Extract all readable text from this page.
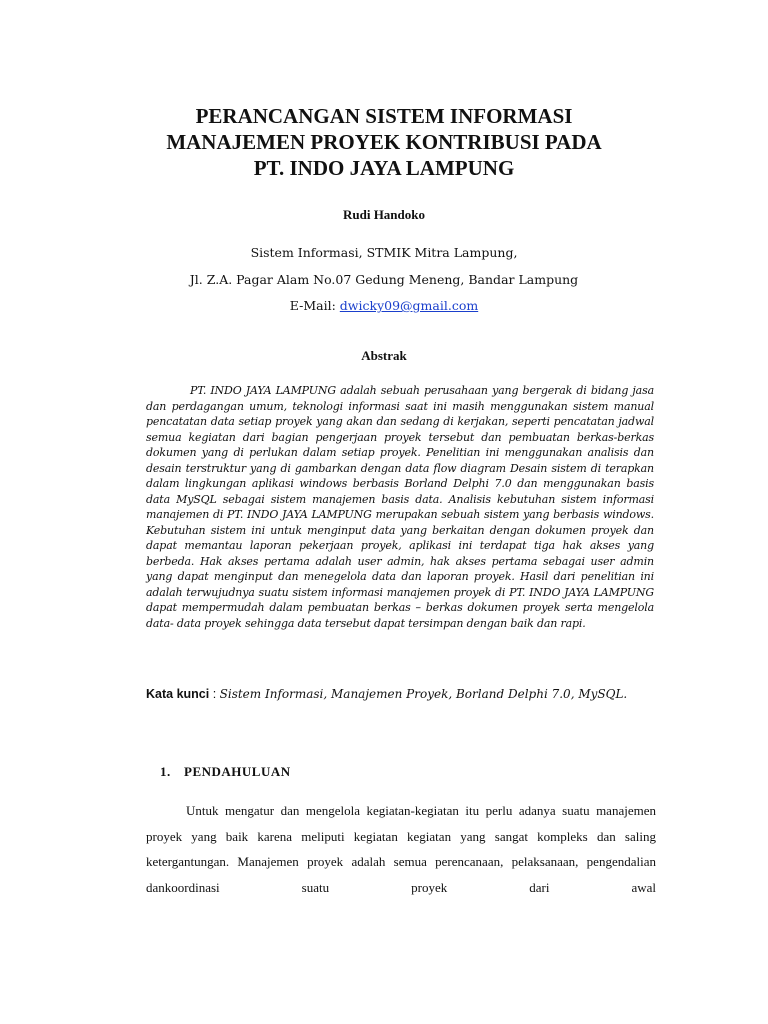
PERANCANGAN SISTEM INFORMASI
MANAJEMEN PROYEK KONTRIBUSI PADA
PT. INDO JAYA LAMPUNG

Rudi Handoko

Sistem Informasi, STMIK Mitra Lampung,

Jl. Z.A. Pagar Alam No.07 Gedung Meneng, Bandar Lampung

E-Mail: dwicky09@gmail.com

Abstrak

PT. INDO JAYA LAMPUNG adalah sebuah perusahaan yang bergerak di bidang jasa dan perdagangan umum, teknologi informasi saat ini masih menggunakan sistem manual pencatatan data setiap proyek yang akan dan sedang di kerjakan, seperti pencatatan jadwal semua kegiatan dari bagian pengerjaan proyek tersebut dan pembuatan berkas-berkas dokumen yang di perlukan dalam setiap proyek. Penelitian ini menggunakan analisis dan desain terstruktur yang di gambarkan dengan data flow diagram Desain sistem di terapkan dalam lingkungan aplikasi windows berbasis Borland Delphi 7.0 dan menggunakan basis data MySQL sebagai sistem manajemen basis data. Analisis kebutuhan sistem informasi manajemen di PT. INDO JAYA LAMPUNG merupakan sebuah sistem yang berbasis windows. Kebutuhan sistem ini untuk menginput data yang berkaitan dengan dokumen proyek dan dapat memantau laporan pekerjaan proyek, aplikasi ini terdapat tiga hak akses yang berbeda. Hak akses pertama adalah user admin, hak akses pertama sebagai user admin yang dapat menginput dan menegelola data dan laporan proyek. Hasil dari penelitian ini adalah terwujudnya suatu sistem informasi manajemen proyek di PT. INDO JAYA LAMPUNG dapat mempermudah dalam pembuatan berkas – berkas dokumen proyek serta mengelola data- data proyek sehingga data tersebut dapat tersimpan dengan baik dan rapi.

Kata kunci : Sistem Informasi, Manajemen Proyek, Borland Delphi 7.0, MySQL.

1. PENDAHULUAN

Untuk mengatur dan mengelola kegiatan-kegiatan itu perlu adanya suatu manajemen proyek yang baik karena meliputi kegiatan kegiatan yang sangat kompleks dan saling ketergantungan. Manajemen proyek adalah semua perencanaan, pelaksanaan, pengendalian dankoordinasi suatu proyek dari awal
